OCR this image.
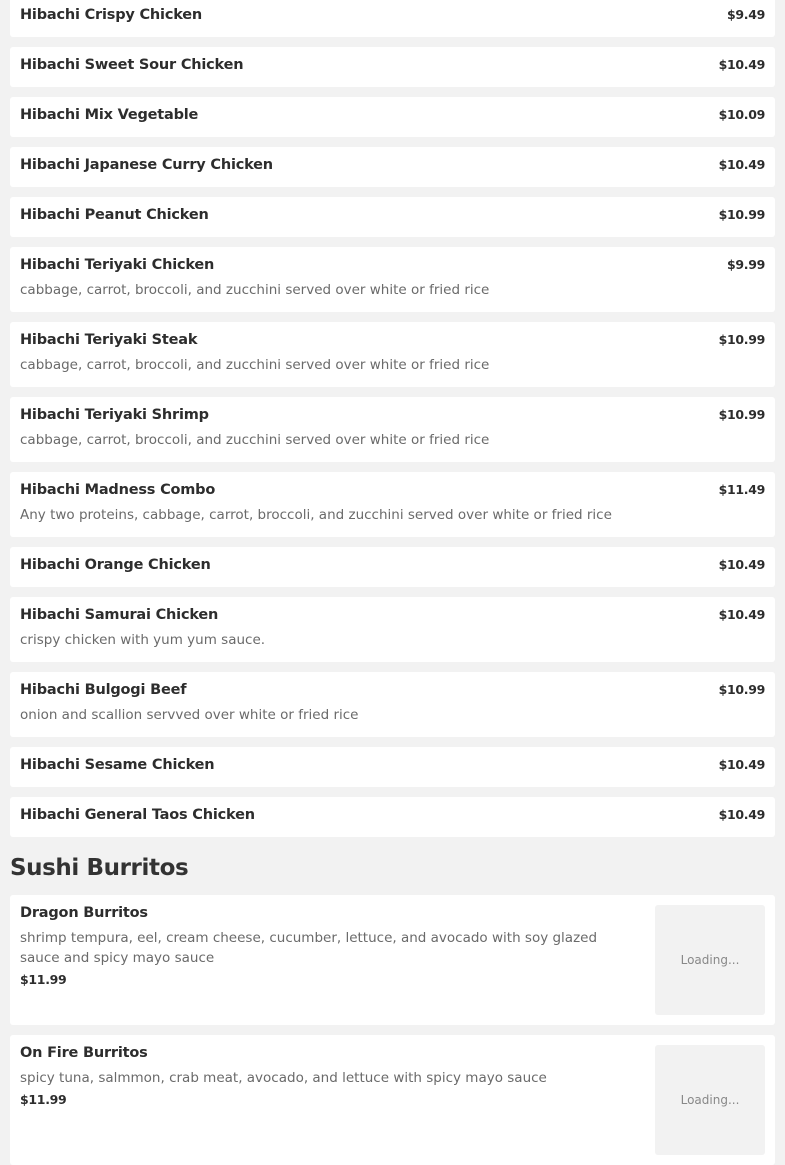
Hibachi Crispy Chicken	$9.49
Hibachi Sweet Sour Chicken	$10.49
Hibachi Mix Vegetable	$10.09
Hibachi Japanese Curry Chicken	$10.49
Hibachi Peanut Chicken	$10.99
Hibachi Teriyaki Chicken	$9.99
cabbage, carrot, broccoli, and zucchini served over white or fried rice
Hibachi Teriyaki Steak	$10.99
cabbage, carrot, broccoli, and zucchini served over white or fried rice
Hibachi Teriyaki Shrimp	$10.99
cabbage, carrot, broccoli, and zucchini served over white or fried rice
Hibachi Madness Combo	$11.49
Any two proteins, cabbage, carrot, broccoli, and zucchini served over white or fried rice
Hibachi Orange Chicken	$10.49
Hibachi Samurai Chicken	$10.49
crispy chicken with yum yum sauce.
Hibachi Bulgogi Beef	$10.99
onion and scallion servved over white or fried rice
Hibachi Sesame Chicken	$10.49
Hibachi General Taos Chicken	$10.49
Sushi Burritos
Dragon Burritos
shrimp tempura, eel, cream cheese, cucumber, lettuce, and avocado with soy glazed sauce and spicy mayo sauce
$11.99
Loading...
On Fire Burritos
spicy tuna, salmmon, crab meat, avocado, and lettuce with spicy mayo sauce
$11.99	Loading...
